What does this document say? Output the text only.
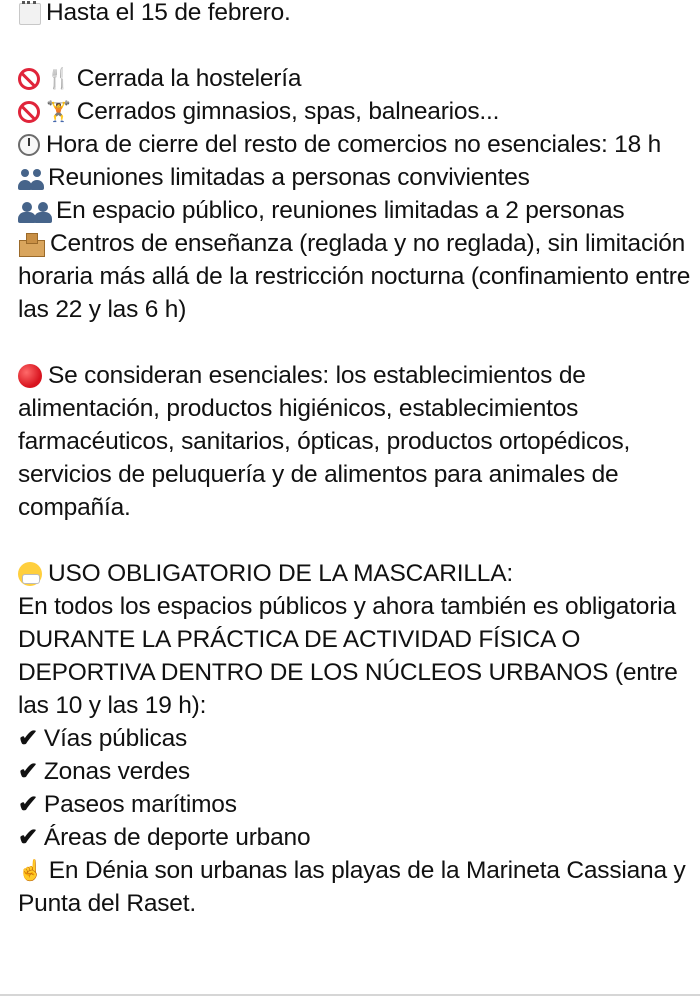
Hasta el 15 de febrero.
🍴 Cerrada la hostelería
🏋 Cerrados gimnasios, spas, balnearios...
Hora de cierre del resto de comercios no esenciales: 18 h
Reuniones limitadas a personas convivientes
En espacio público, reuniones limitadas a 2 personas
Centros de enseñanza (reglada y no reglada), sin limitación horaria más allá de la restricción nocturna (confinamiento entre las 22 y las 6 h)
Se consideran esenciales: los establecimientos de alimentación, productos higiénicos, establecimientos farmacéuticos, sanitarios, ópticas, productos ortopédicos, servicios de peluquería y de alimentos para animales de compañía.
USO OBLIGATORIO DE LA MASCARILLA:
En todos los espacios públicos y ahora también es obligatoria DURANTE LA PRÁCTICA DE ACTIVIDAD FÍSICA O DEPORTIVA DENTRO DE LOS NÚCLEOS URBANOS (entre las 10 y las 19 h):
✔ Vías públicas
✔ Zonas verdes
✔ Paseos marítimos
✔ Áreas de deporte urbano
☝ En Dénia son urbanas las playas de la Marineta Cassiana y Punta del Raset.
